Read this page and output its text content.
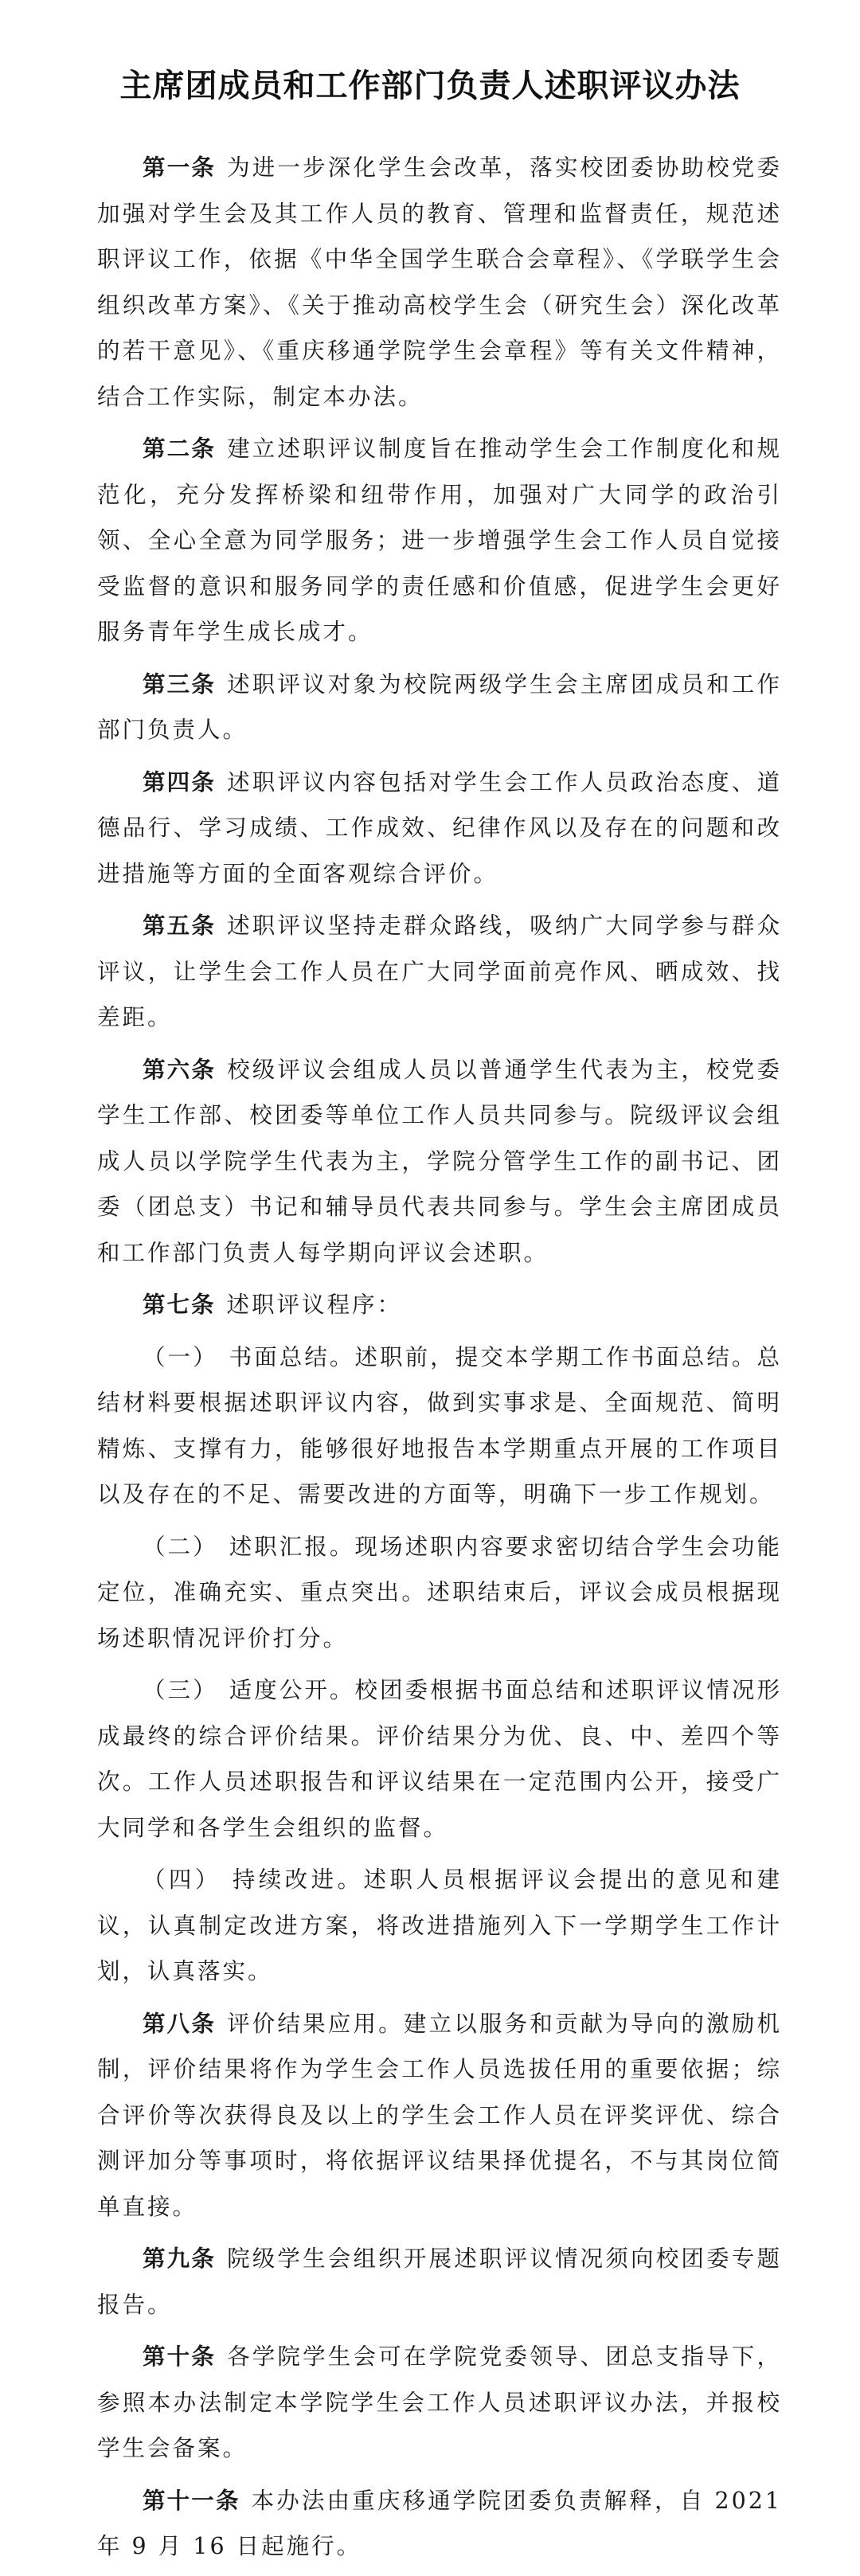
主席团成员和工作部门负责人述职评议办法

第一条 为进一步深化学生会改革，落实校团委协助校党委加强对学生会及其工作人员的教育、管理和监督责任，规范述职评议工作，依据《中华全国学生联合会章程》、《学联学生会组织改革方案》、《关于推动高校学生会（研究生会）深化改革的若干意见》、《重庆移通学院学生会章程》等有关文件精神，结合工作实际，制定本办法。

第二条 建立述职评议制度旨在推动学生会工作制度化和规范化，充分发挥桥梁和纽带作用，加强对广大同学的政治引领、全心全意为同学服务；进一步增强学生会工作人员自觉接受监督的意识和服务同学的责任感和价值感，促进学生会更好服务青年学生成长成才。

第三条 述职评议对象为校院两级学生会主席团成员和工作部门负责人。

第四条 述职评议内容包括对学生会工作人员政治态度、道德品行、学习成绩、工作成效、纪律作风以及存在的问题和改进措施等方面的全面客观综合评价。

第五条 述职评议坚持走群众路线，吸纳广大同学参与群众评议，让学生会工作人员在广大同学面前亮作风、晒成效、找差距。

第六条 校级评议会组成人员以普通学生代表为主，校党委学生工作部、校团委等单位工作人员共同参与。院级评议会组成人员以学院学生代表为主，学院分管学生工作的副书记、团委（团总支）书记和辅导员代表共同参与。学生会主席团成员和工作部门负责人每学期向评议会述职。

第七条 述职评议程序：

（一） 书面总结。述职前，提交本学期工作书面总结。总结材料要根据述职评议内容，做到实事求是、全面规范、简明精炼、支撑有力，能够很好地报告本学期重点开展的工作项目以及存在的不足、需要改进的方面等，明确下一步工作规划。

（二） 述职汇报。现场述职内容要求密切结合学生会功能定位，准确充实、重点突出。述职结束后，评议会成员根据现场述职情况评价打分。

（三） 适度公开。校团委根据书面总结和述职评议情况形成最终的综合评价结果。评价结果分为优、良、中、差四个等次。工作人员述职报告和评议结果在一定范围内公开，接受广大同学和各学生会组织的监督。

（四） 持续改进。述职人员根据评议会提出的意见和建议，认真制定改进方案，将改进措施列入下一学期学生工作计划，认真落实。

第八条 评价结果应用。建立以服务和贡献为导向的激励机制，评价结果将作为学生会工作人员选拔任用的重要依据；综合评价等次获得良及以上的学生会工作人员在评奖评优、综合测评加分等事项时，将依据评议结果择优提名，不与其岗位简单直接。

第九条 院级学生会组织开展述职评议情况须向校团委专题报告。

第十条 各学院学生会可在学院党委领导、团总支指导下，参照本办法制定本学院学生会工作人员述职评议办法，并报校学生会备案。

第十一条 本办法由重庆移通学院团委负责解释，自 2021 年 9 月 16 日起施行。
